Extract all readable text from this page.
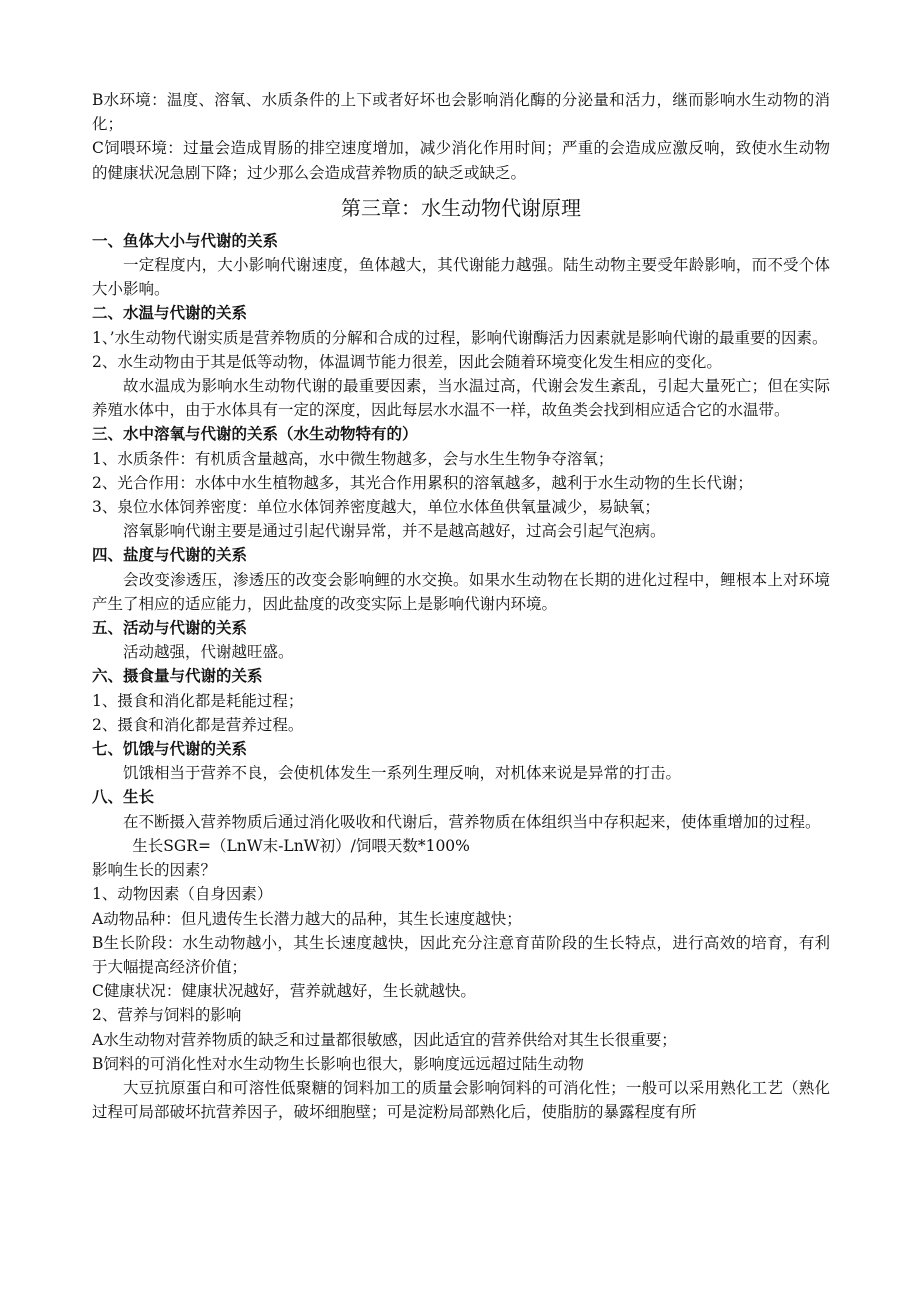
B水环境：温度、溶氧、水质条件的上下或者好坏也会影响消化酶的分泌量和活力，继而影响水生动物的消化；

C饲喂环境：过量会造成胃肠的排空速度增加，减少消化作用时间；严重的会造成应激反响，致使水生动物的健康状况急剧下降；过少那么会造成营养物质的缺乏或缺乏。

第三章：水生动物代谢原理
一、鱼体大小与代谢的关系

一定程度内，大小影响代谢速度，鱼体越大，其代谢能力越强。陆生动物主要受年龄影响，而不受个体大小影响。

二、水温与代谢的关系

1、’水生动物代谢实质是营养物质的分解和合成的过程，影响代谢酶活力因素就是影响代谢的最重要的因素。

2、水生动物由于其是低等动物，体温调节能力很差，因此会随着环境变化发生相应的变化。

故水温成为影响水生动物代谢的最重要因素，当水温过高，代谢会发生紊乱，引起大量死亡；但在实际养殖水体中，由于水体具有一定的深度，因此每层水水温不一样，故鱼类会找到相应适合它的水温带。

三、水中溶氧与代谢的关系（水生动物特有的）

1、水质条件：有机质含量越高，水中微生物越多，会与水生生物争夺溶氧；

2、光合作用：水体中水生植物越多，其光合作用累积的溶氧越多，越利于水生动物的生长代谢；

3、泉位水体饲养密度：单位水体饲养密度越大，单位水体鱼供氧量减少，易缺氧；

溶氧影响代谢主要是通过引起代谢异常，并不是越高越好，过高会引起气泡病。

四、盐度与代谢的关系

会改变渗透压，渗透压的改变会影响鲤的水交换。如果水生动物在长期的进化过程中，鲤根本上对环境产生了相应的适应能力，因此盐度的改变实际上是影响代谢内环境。

五、活动与代谢的关系

活动越强，代谢越旺盛。

六、摄食量与代谢的关系

1、摄食和消化都是耗能过程；

2、摄食和消化都是营养过程。

七、饥饿与代谢的关系

饥饿相当于营养不良，会使机体发生一系列生理反响，对机体来说是异常的打击。

八、生长

在不断摄入营养物质后通过消化吸收和代谢后，营养物质在体组织当中存积起来，使体重增加的过程。

生长SGR=（LnW末-LnW初）/饲喂天数*100%

影响生长的因素？

1、动物因素（自身因素）

A动物品种：但凡遗传生长潜力越大的品种，其生长速度越快；

B生长阶段：水生动物越小，其生长速度越快，因此充分注意育苗阶段的生长特点，进行高效的培育，有利于大幅提高经济价值；

C健康状况：健康状况越好，营养就越好，生长就越快。

2、营养与饲料的影响

A水生动物对营养物质的缺乏和过量都很敏感，因此适宜的营养供给对其生长很重要；

B饲料的可消化性对水生动物生长影响也很大，影响度远远超过陆生动物

大豆抗原蛋白和可溶性低聚糖的饲料加工的质量会影响饲料的可消化性；一般可以采用熟化工艺（熟化过程可局部破坏抗营养因子，破坏细胞壁；可是淀粉局部熟化后，使脂肪的暴露程度有所
